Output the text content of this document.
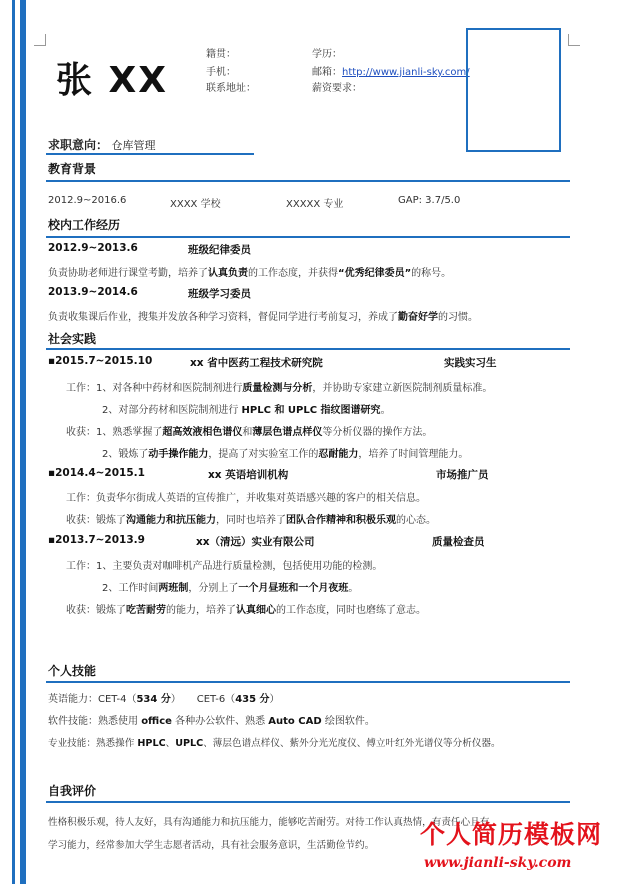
张 XX
籍贯：	学历：
手机：	邮箱：http://www.jianli-sky.com/
联系地址：	薪资要求：
求职意向： 仓库管理
教育背景
2012.9~2016.6	XXXX 学校	XXXXX 专业	GAP: 3.7/5.0
校内工作经历
2012.9~2013.6	班级纪律委员
负责协助老师进行课堂考勤，培养了认真负责的工作态度，并获得“优秀纪律委员”的称号。
2013.9~2014.6	班级学习委员
负责收集课后作业，搜集并发放各种学习资料，督促同学进行考前复习，养成了勤奋好学的习惯。
社会实践
▪2015.7~2015.10	xx 省中医药工程技术研究院	实践实习生
工作：1、对各种中药材和医院制剂进行质量检测与分析，并协助专家建立新医院制剂质量标准。
2、对部分药材和医院制剂进行 HPLC 和 UPLC 指纹图谱研究。
收获：1、熟悉掌握了超高效液相色谱仪和薄层色谱点样仪等分析仪器的操作方法。
2、锻炼了动手操作能力，提高了对实验室工作的忍耐能力，培养了时间管理能力。
▪2014.4~2015.1	xx 英语培训机构	市场推广员
工作：负责华尔街成人英语的宣传推广，并收集对英语感兴趣的客户的相关信息。
收获：锻炼了沟通能力和抗压能力，同时也培养了团队合作精神和积极乐观的心态。
▪2013.7~2013.9	xx（清远）实业有限公司	质量检查员
工作：1、主要负责对咖啡机产品进行质量检测，包括使用功能的检测。
2、工作时间两班制，分别上了一个月昼班和一个月夜班。
收获：锻炼了吃苦耐劳的能力，培养了认真细心的工作态度，同时也磨练了意志。
个人技能
英语能力：CET-4（534 分）     CET-6（435 分）
软件技能：熟悉使用 office 各种办公软件、熟悉 Auto CAD 绘图软件。
专业技能：熟悉操作 HPLC、UPLC、薄层色谱点样仪、紫外分光光度仪、傅立叶红外光谱仪等分析仪器。
自我评价
性格积极乐观，待人友好，具有沟通能力和抗压能力，能够吃苦耐劳。对待工作认真热情，有责任心且有
学习能力，经常参加大学生志愿者活动，具有社会服务意识，生活勤俭节约。 个人简历模板网
www.jianli-sky.com
